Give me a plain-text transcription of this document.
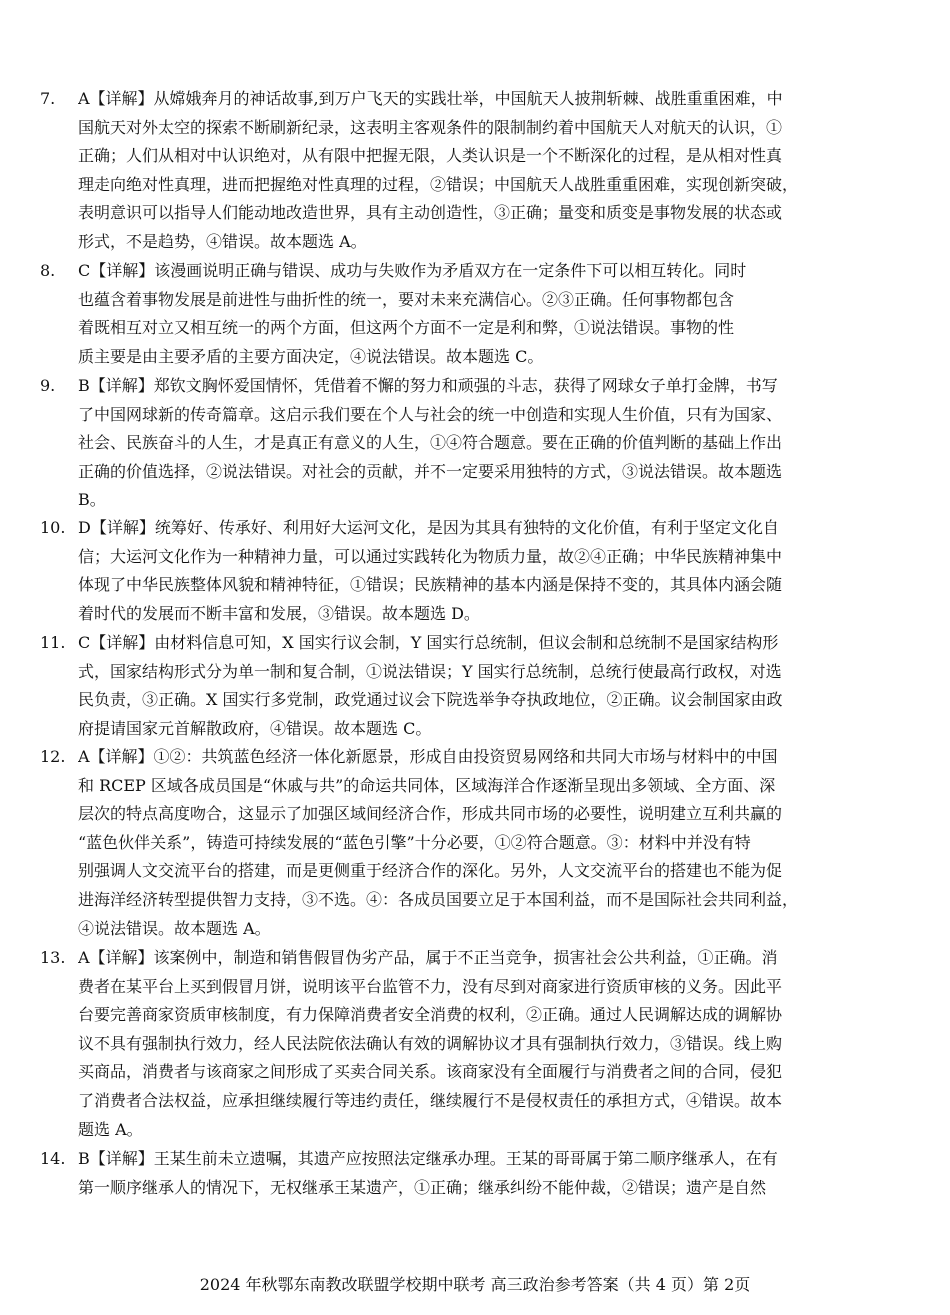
7.	A【详解】从嫦娥奔月的神话故事,到万户飞天的实践壮举，中国航天人披荆斩棘、战胜重重困难，中
国航天对外太空的探索不断刷新纪录，这表明主客观条件的限制制约着中国航天人对航天的认识，①
正确；人们从相对中认识绝对，从有限中把握无限，人类认识是一个不断深化的过程，是从相对性真
理走向绝对性真理，进而把握绝对性真理的过程，②错误；中国航天人战胜重重困难，实现创新突破，
表明意识可以指导人们能动地改造世界，具有主动创造性，③正确；量变和质变是事物发展的状态或
形式，不是趋势，④错误。故本题选 A。
8.	C【详解】该漫画说明正确与错误、成功与失败作为矛盾双方在一定条件下可以相互转化。同时
也蕴含着事物发展是前进性与曲折性的统一，要对未来充满信心。②③正确。任何事物都包含
着既相互对立又相互统一的两个方面，但这两个方面不一定是利和弊，①说法错误。事物的性
质主要是由主要矛盾的主要方面决定，④说法错误。故本题选 C。
9.	B【详解】郑钦文胸怀爱国情怀，凭借着不懈的努力和顽强的斗志，获得了网球女子单打金牌，书写
了中国网球新的传奇篇章。这启示我们要在个人与社会的统一中创造和实现人生价值，只有为国家、
社会、民族奋斗的人生，才是真正有意义的人生，①④符合题意。要在正确的价值判断的基础上作出
正确的价值选择，②说法错误。对社会的贡献，并不一定要采用独特的方式，③说法错误。故本题选
B。
10. D【详解】统筹好、传承好、利用好大运河文化，是因为其具有独特的文化价值，有利于坚定文化自
信；大运河文化作为一种精神力量，可以通过实践转化为物质力量，故②④正确；中华民族精神集中
体现了中华民族整体风貌和精神特征，①错误；民族精神的基本内涵是保持不变的，其具体内涵会随
着时代的发展而不断丰富和发展，③错误。故本题选 D。
11. C【详解】由材料信息可知，X 国实行议会制，Y 国实行总统制，但议会制和总统制不是国家结构形
式，国家结构形式分为单一制和复合制，①说法错误；Y 国实行总统制，总统行使最高行政权，对选
民负责，③正确。X 国实行多党制，政党通过议会下院选举争夺执政地位，②正确。议会制国家由政
府提请国家元首解散政府，④错误。故本题选 C。
12. A【详解】①②：共筑蓝色经济一体化新愿景，形成自由投资贸易网络和共同大市场与材料中的中国
和 RCEP 区域各成员国是“休戚与共”的命运共同体，区域海洋合作逐渐呈现出多领域、全方面、深
层次的特点高度吻合，这显示了加强区域间经济合作，形成共同市场的必要性，说明建立互利共赢的
“蓝色伙伴关系”，铸造可持续发展的“蓝色引擎”十分必要，①②符合题意。③：材料中并没有特
别强调人文交流平台的搭建，而是更侧重于经济合作的深化。另外，人文交流平台的搭建也不能为促
进海洋经济转型提供智力支持，③不选。④：各成员国要立足于本国利益，而不是国际社会共同利益，
④说法错误。故本题选 A。
13. A【详解】该案例中，制造和销售假冒伪劣产品，属于不正当竞争，损害社会公共利益，①正确。消
费者在某平台上买到假冒月饼，说明该平台监管不力，没有尽到对商家进行资质审核的义务。因此平
台要完善商家资质审核制度，有力保障消费者安全消费的权利，②正确。通过人民调解达成的调解协
议不具有强制执行效力，经人民法院依法确认有效的调解协议才具有强制执行效力，③错误。线上购
买商品，消费者与该商家之间形成了买卖合同关系。该商家没有全面履行与消费者之间的合同，侵犯
了消费者合法权益，应承担继续履行等违约责任，继续履行不是侵权责任的承担方式，④错误。故本
题选 A。
14. B【详解】王某生前未立遗嘱，其遗产应按照法定继承办理。王某的哥哥属于第二顺序继承人，在有
第一顺序继承人的情况下，无权继承王某遗产，①正确；继承纠纷不能仲裁，②错误；遗产是自然
2024 年秋鄂东南教改联盟学校期中联考 高三政治参考答案（共 4 页）第 2页
